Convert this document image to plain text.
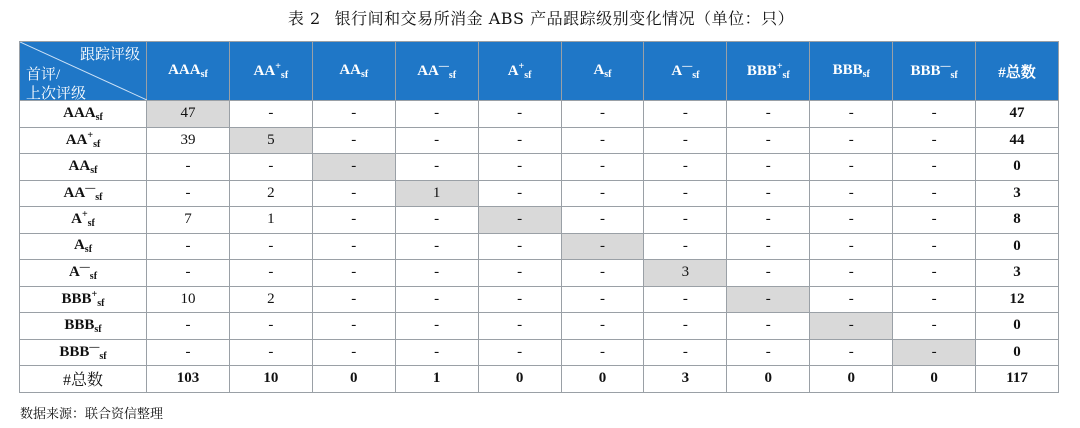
表 2 银行间和交易所消金 ABS 产品跟踪级别变化情况（单位：只）
跟踪评级
首评/
上次评级	$AAA_{sf}$	$AA^+_{sf}$	$AA_{sf}$	$AA^—_{sf}$	$A^+_{sf}$	$A_{sf}$	$A^—_{sf}$	$BBB^+_{sf}$	$BBB_{sf}$	$BBB^—_{sf}$	#总数
$AAA_{sf}$	47	-	-	-	-	-	-	-	-	-	47
$AA^+_{sf}$	39	5	-	-	-	-	-	-	-	-	44
$AA_{sf}$	-	-	-	-	-	-	-	-	-	-	0
$AA^—_{sf}$	-	2	-	1	-	-	-	-	-	-	3
$A^+_{sf}$	7	1	-	-	-	-	-	-	-	-	8
$A_{sf}$	-	-	-	-	-	-	-	-	-	-	0
$A^—_{sf}$	-	-	-	-	-	-	3	-	-	-	3
$BBB^+_{sf}$	10	2	-	-	-	-	-	-	-	-	12
$BBB_{sf}$	-	-	-	-	-	-	-	-	-	-	0
$BBB^—_{sf}$	-	-	-	-	-	-	-	-	-	-	0
#总数	103	10	0	1	0	0	3	0	0	0	117
数据来源：联合资信整理
